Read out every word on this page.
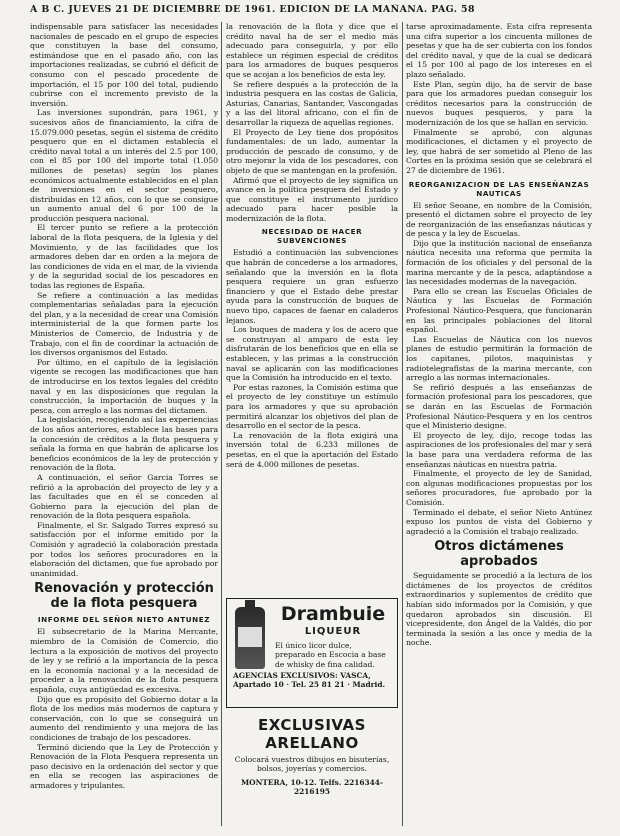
A B C. JUEVES 21 DE DICIEMBRE DE 1961. EDICION DE LA MAÑANA. PAG. 58

indispensable para satisfacer las necesidades nacionales de pescado en el grupo de especies que constituyen la base del consumo, estimándose que en el pasado año, con las importaciones realizadas, se cubrió el déficit de consumo con el pescado procedente de importación, el 15 por 100 del total, pudiendo cubrirse con el incremento previsto de la inversión.

Las inversiones supondrán, para 1961, y sucesivos años de financiamiento, la cifra de 15.079.000 pesetas, según el sistema de crédito pesquero que en el dictamen establecía el crédito naval total a un interés del 2.5 por 100, con el 85 por 100 del importe total (1.050 millones de pesetas) según los planes económicos actualmente establecidos en el plan de inversiones en el sector pesquero, distribuidas en 12 años, con lo que se consigue un aumento anual del 6 por 100 de la producción pesquera nacional.

El tercer punto se refiere a la protección laboral de la flota pesquera, de la Iglesia y del Movimiento, y de las facilidades que los armadores deben dar en orden a la mejora de las condiciones de vida en el mar, de la vivienda y de la seguridad social de los pescadores en todas las regiones de España.

Se refiere a continuación a las medidas complementarias señaladas para la ejecución del plan, y a la necesidad de crear una Comisión interministerial de la que formen parte los Ministerios de Comercio, de Industria y de Trabajo, con el fin de coordinar la actuación de los diversos organismos del Estado.

Por último, en el capítulo de la legislación vigente se recogen las modificaciones que han de introducirse en los textos legales del crédito naval y en las disposiciones que regulan la construcción, la importación de buques y la pesca, con arreglo a las normas del dictamen.

La legislación, recogiendo así las experiencias de los años anteriores, establece las bases para la concesión de créditos a la flota pesquera y señala la forma en que habrán de aplicarse los beneficios económicos de la ley de protección y renovación de la flota.

A continuación, el señor Garcia Torres se refirió a la aprobación del proyecto de ley y a las facultades que en él se conceden al Gobierno para la ejecución del plan de renovación de la flota pesquera española.

Finalmente, el Sr. Salgado Torres expresó su satisfacción por el informe emitido por la Comisión y agradeció la colaboración prestada por todos los señores procuradores en la elaboración del dictamen, que fue aprobado por unanimidad.

Renovación y protección de la flota pesquera
INFORME DEL SEÑOR NIETO ANTUNEZ

El subsecretario de la Marina Mercante, miembro de la Comisión de Comercio, dio lectura a la exposición de motivos del proyecto de ley y se refirió a la importancia de la pesca en la economía nacional y a la necesidad de proceder a la renovación de la flota pesquera española, cuya antigüedad es excesiva.

Dijo que es propósito del Gobierno dotar a la flota de los medios más modernos de captura y conservación, con lo que se conseguirá un aumento del rendimiento y una mejora de las condiciones de trabajo de los pescadores.

Terminó diciendo que la Ley de Protección y Renovación de la Flota Pesquera representa un paso decisivo en la ordenación del sector y que en ella se recogen las aspiraciones de armadores y tripulantes.

la renovación de la flota y dice que el crédito naval ha de ser el medio más adecuado para conseguirla, y por ello establece un régimen especial de créditos para los armadores de buques pesqueros que se acojan a los beneficios de esta ley.

Se refiere después a la protección de la industria pesquera en las costas de Galicia, Asturias, Canarias, Santander, Vascongadas y a las del litoral africano, con el fin de desarrollar la riqueza de aquellas regiones.

El Proyecto de Ley tiene dos propósitos fundamentales: de un lado, aumentar la producción de pescado de consumo, y de otro mejorar la vida de los pescadores, con objeto de que se mantengan en la profesión.

Afirmó que el proyecto de ley significa un avance en la política pesquera del Estado y que constituye el instrumento jurídico adecuado para hacer posible la modernización de la flota.

NECESIDAD DE HACER SUBVENCIONES

Estudió a continuación las subvenciones que habrán de concederse a los armadores, señalando que la inversión en la flota pesquera requiere un gran esfuerzo financiero y que el Estado debe prestar ayuda para la construcción de buques de nuevo tipo, capaces de faenar en caladeros lejanos.

Los buques de madera y los de acero que se construyan al amparo de esta ley disfrutarán de los beneficios que en ella se establecen, y las primas a la construcción naval se aplicarán con las modificaciones que la Comisión ha introducido en el texto.

Por estas razones, la Comisión estima que el proyecto de ley constituye un estímulo para los armadores y que su aprobación permitirá alcanzar los objetivos del plan de desarrollo en el sector de la pesca.

La renovación de la flota exigirá una inversión total de 6.233 millones de pesetas, en el que la aportación del Estado será de 4.000 millones de pesetas.

Drambuie
LIQUEUR
El único licor dulce, preparado en Escocia a base de whisky de fina calidad.
AGENCIAS EXCLUSIVOS: VASCA, Apartado 10 · Tel. 25 81 21 · Madrid.
EXCLUSIVAS ARELLANO
Colocará vuestros dibujos en bisuterías, bolsos, joyerías y comercios.
MONTERA, 10-12. Telfs. 2216344-2216195

tarse aproximadamente. Esta cifra representa una cifra superior a los cincuenta millones de pesetas y que ha de ser cubierta con los fondos del crédito naval, y que de la cual se dedicará el 15 por 100 al pago de los intereses en el plazo señalado.

Este Plan, según dijo, ha de servir de base para que los armadores puedan conseguir los créditos necesarios para la construcción de nuevos buques pesqueros, y para la modernización de los que se hallan en servicio.

Finalmente se aprobó, con algunas modificaciones, el dictamen y el proyecto de ley, que habrá de ser sometido al Pleno de las Cortes en la próxima sesión que se celebrará el 27 de diciembre de 1961.

REORGANIZACION DE LAS ENSEÑANZAS NAUTICAS

El señor Seoane, en nombre de la Comisión, presentó el dictamen sobre el proyecto de ley de reorganización de las enseñanzas náuticas y de pesca y la ley de Escuelas.

Dijo que la institución nacional de enseñanza náutica necesita una reforma que permita la formación de los oficiales y del personal de la marina mercante y de la pesca, adaptándose a las necesidades modernas de la navegación.

Para ello se crean las Escuelas Oficiales de Náutica y las Escuelas de Formación Profesional Náutico-Pesquera, que funcionarán en las principales poblaciones del litoral español.

Las Escuelas de Náutica con los nuevos planes de estudio permitirán la formación de los capitanes, pilotos, maquinistas y radiotelegrafistas de la marina mercante, con arreglo a las normas internacionales.

Se refirió después a las enseñanzas de formación profesional para los pescadores, que se darán en las Escuelas de Formación Profesional Náutico-Pesquera y en los centros que el Ministerio designe.

El proyecto de ley, dijo, recoge todas las aspiraciones de los profesionales del mar y será la base para una verdadera reforma de las enseñanzas náuticas en nuestra patria.

Finalmente, el proyecto de ley de Sanidad, con algunas modificaciones propuestas por los señores procuradores, fue aprobado por la Comisión.

Terminado el debate, el señor Nieto Antúnez expuso los puntos de vista del Gobierno y agradeció a la Comisión el trabajo realizado.

Otros dictámenes aprobados

Seguidamente se procedió a la lectura de los dictámenes de los proyectos de créditos extraordinarios y suplementos de crédito que habían sido informados por la Comisión, y que quedaron aprobados sin discusión. El vicepresidente, don Ángel de la Valdés, dio por terminada la sesión a las once y media de la noche.
